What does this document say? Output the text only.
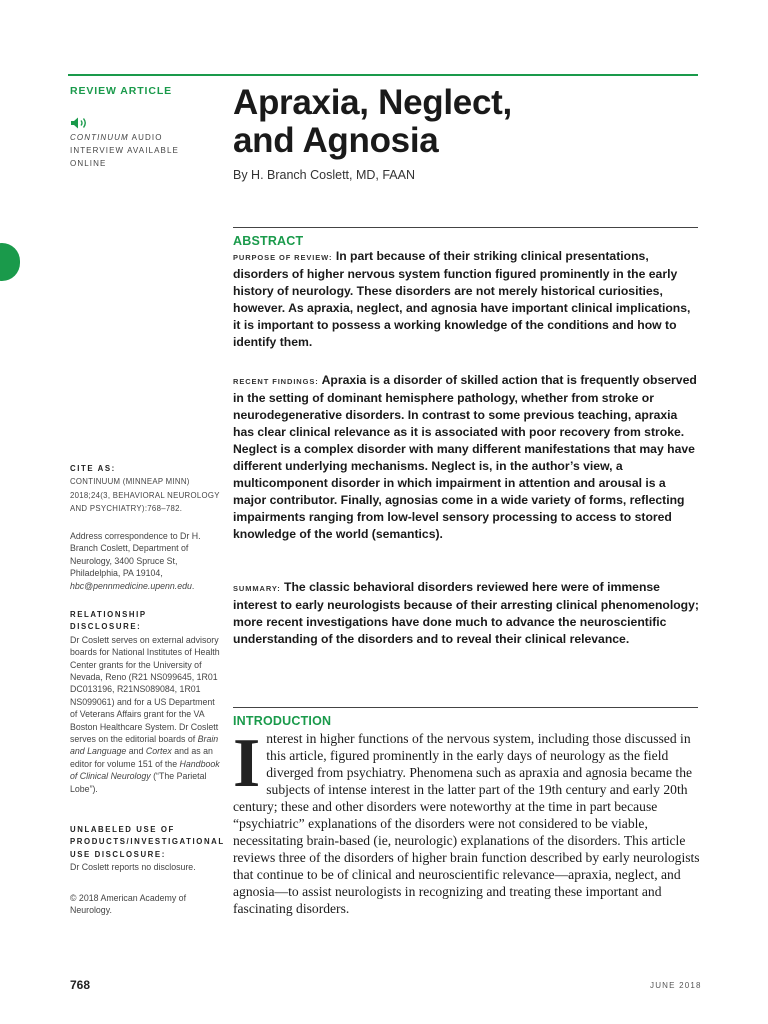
REVIEW ARTICLE
CONTINUUM AUDIO INTERVIEW AVAILABLE ONLINE
Apraxia, Neglect,
and Agnosia
By H. Branch Coslett, MD, FAAN
ABSTRACT
PURPOSE OF REVIEW: In part because of their striking clinical presentations, disorders of higher nervous system function figured prominently in the early history of neurology. These disorders are not merely historical curiosities, however. As apraxia, neglect, and agnosia have important clinical implications, it is important to possess a working knowledge of the conditions and how to identify them.
RECENT FINDINGS: Apraxia is a disorder of skilled action that is frequently observed in the setting of dominant hemisphere pathology, whether from stroke or neurodegenerative disorders. In contrast to some previous teaching, apraxia has clear clinical relevance as it is associated with poor recovery from stroke. Neglect is a complex disorder with many different manifestations that may have different underlying mechanisms. Neglect is, in the author’s view, a multicomponent disorder in which impairment in attention and arousal is a major contributor. Finally, agnosias come in a wide variety of forms, reflecting impairments ranging from low-level sensory processing to access to stored knowledge of the world (semantics).
SUMMARY: The classic behavioral disorders reviewed here were of immense interest to early neurologists because of their arresting clinical phenomenology; more recent investigations have done much to advance the neuroscientific understanding of the disorders and to reveal their clinical relevance.
INTRODUCTION
Interest in higher functions of the nervous system, including those discussed in this article, figured prominently in the early days of neurology as the field diverged from psychiatry. Phenomena such as apraxia and agnosia became the subjects of intense interest in the latter part of the 19th century and early 20th century; these and other disorders were noteworthy at the time in part because “psychiatric” explanations of the disorders were not considered to be viable, necessitating brain-based (ie, neurologic) explanations of the disorders. This article reviews three of the disorders of higher brain function described by early neurologists that continue to be of clinical and neuroscientific relevance—apraxia, neglect, and agnosia—to assist neurologists in recognizing and treating these important and fascinating disorders.
CITE AS:
CONTINUUM (MINNEAP MINN) 2018;24(3, BEHAVIORAL NEUROLOGY AND PSYCHIATRY):768–782.
Address correspondence to Dr H. Branch Coslett, Department of Neurology, 3400 Spruce St, Philadelphia, PA 19104, hbc@pennmedicine.upenn.edu.
RELATIONSHIP DISCLOSURE:
Dr Coslett serves on external advisory boards for National Institutes of Health Center grants for the University of Nevada, Reno (R21 NS099645, 1R01 DC013196, R21NS089084, 1R01 NS099061) and for a US Department of Veterans Affairs grant for the VA Boston Healthcare System. Dr Coslett serves on the editorial boards of Brain and Language and Cortex and as an editor for volume 151 of the Handbook of Clinical Neurology (“The Parietal Lobe”).
UNLABELED USE OF PRODUCTS/INVESTIGATIONAL USE DISCLOSURE:
Dr Coslett reports no disclosure.
© 2018 American Academy of Neurology.
768	JUNE 2018
